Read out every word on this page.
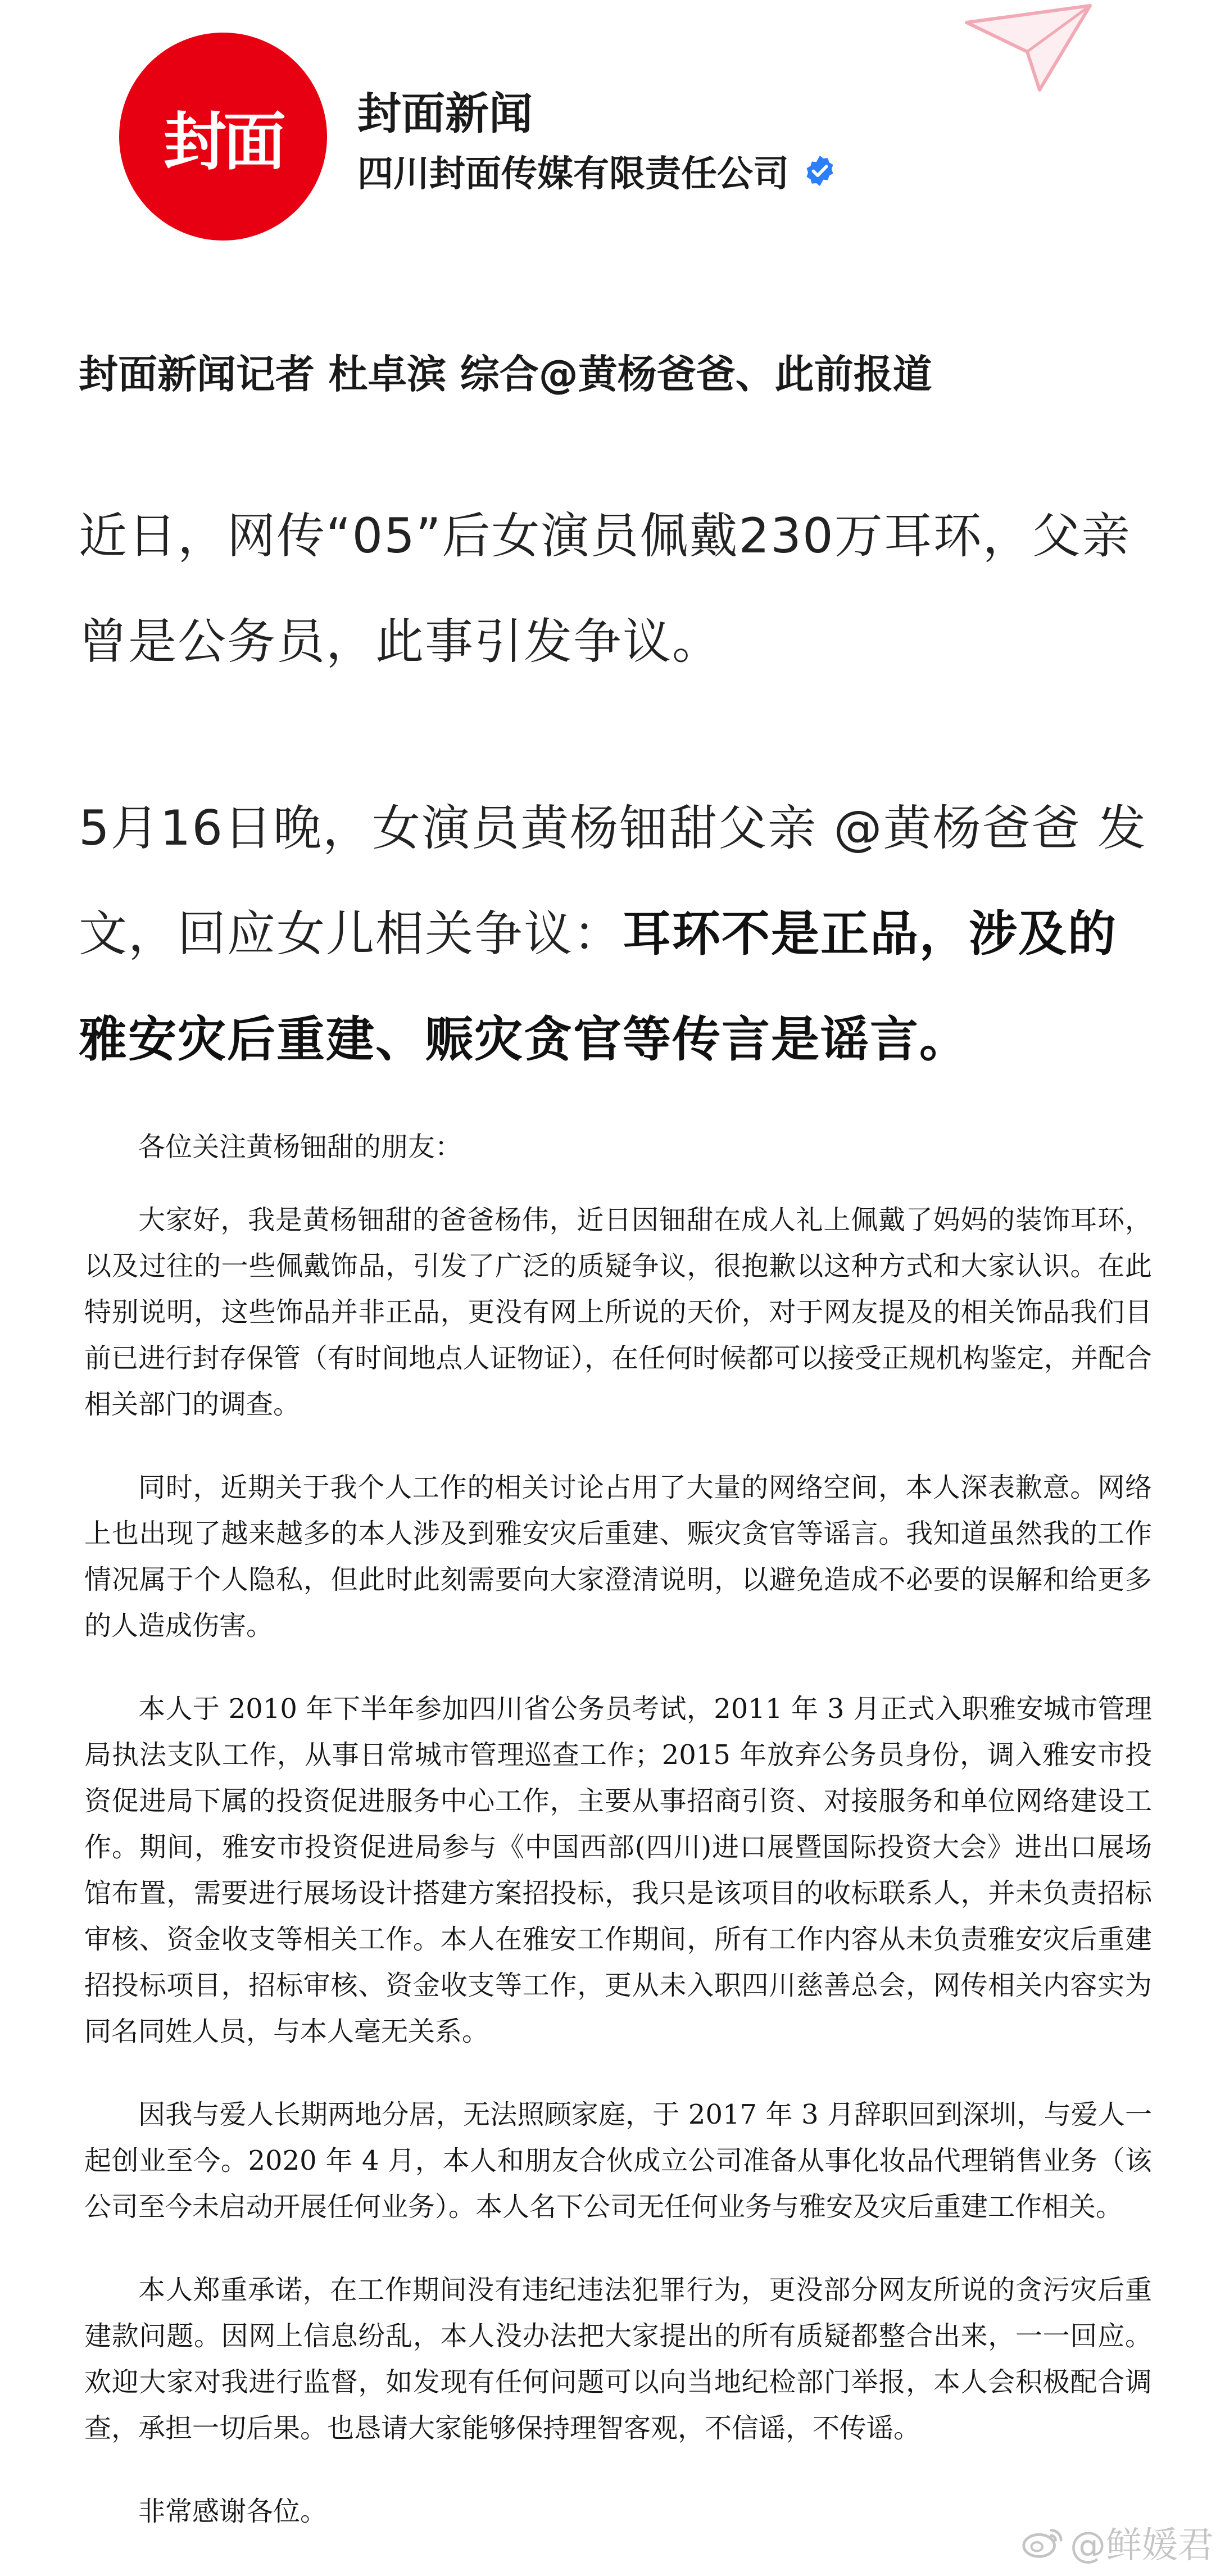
封面 封面新闻
四川封面传媒有限责任公司
封面新闻记者 杜卓滨 综合@黄杨爸爸、此前报道
近日，网传“05”后女演员佩戴230万耳环，父亲曾是公务员，此事引发争议。
5月16日晚，女演员黄杨钿甜父亲 @黄杨爸爸 发文，回应女儿相关争议：耳环不是正品，涉及的雅安灾后重建、赈灾贪官等传言是谣言。

各位关注黄杨钿甜的朋友：

大家好，我是黄杨钿甜的爸爸杨伟，近日因钿甜在成人礼上佩戴了妈妈的装饰耳环，以及过往的一些佩戴饰品，引发了广泛的质疑争议，很抱歉以这种方式和大家认识。在此特别说明，这些饰品并非正品，更没有网上所说的天价，对于网友提及的相关饰品我们目前已进行封存保管（有时间地点人证物证），在任何时候都可以接受正规机构鉴定，并配合相关部门的调查。

同时，近期关于我个人工作的相关讨论占用了大量的网络空间，本人深表歉意。网络上也出现了越来越多的本人涉及到雅安灾后重建、赈灾贪官等谣言。我知道虽然我的工作情况属于个人隐私，但此时此刻需要向大家澄清说明，以避免造成不必要的误解和给更多的人造成伤害。

本人于 2010 年下半年参加四川省公务员考试，2011 年 3 月正式入职雅安城市管理局执法支队工作，从事日常城市管理巡查工作；2015 年放弃公务员身份，调入雅安市投资促进局下属的投资促进服务中心工作，主要从事招商引资、对接服务和单位网络建设工作。期间，雅安市投资促进局参与《中国西部(四川)进口展暨国际投资大会》进出口展场馆布置，需要进行展场设计搭建方案招投标，我只是该项目的收标联系人，并未负责招标审核、资金收支等相关工作。本人在雅安工作期间，所有工作内容从未负责雅安灾后重建招投标项目，招标审核、资金收支等工作，更从未入职四川慈善总会，网传相关内容实为同名同姓人员，与本人毫无关系。

因我与爱人长期两地分居，无法照顾家庭，于 2017 年 3 月辞职回到深圳，与爱人一起创业至今。2020 年 4 月，本人和朋友合伙成立公司准备从事化妆品代理销售业务（该公司至今未启动开展任何业务）。本人名下公司无任何业务与雅安及灾后重建工作相关。

本人郑重承诺，在工作期间没有违纪违法犯罪行为，更没部分网友所说的贪污灾后重建款问题。因网上信息纷乱，本人没办法把大家提出的所有质疑都整合出来，一一回应。欢迎大家对我进行监督，如发现有任何问题可以向当地纪检部门举报，本人会积极配合调查，承担一切后果。也恳请大家能够保持理智客观，不信谣，不传谣。

非常感谢各位。

@鲜媛君
